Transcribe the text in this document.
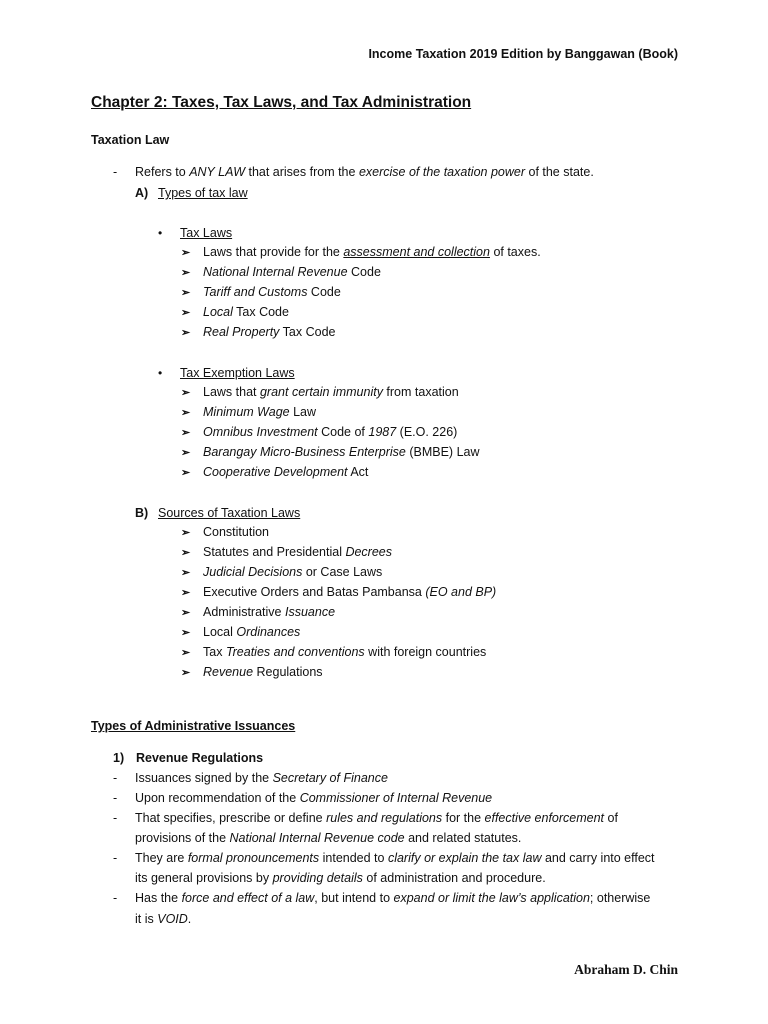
Income Taxation 2019 Edition by Banggawan (Book)
Chapter 2: Taxes, Tax Laws, and Tax Administration
Taxation Law
-	Refers to ANY LAW that arises from the exercise of the taxation power of the state.
A) Types of tax law
• Tax Laws
➢ Laws that provide for the assessment and collection of taxes.
➢ National Internal Revenue Code
➢ Tariff and Customs Code
➢ Local Tax Code
➢ Real Property Tax Code
• Tax Exemption Laws
➢ Laws that grant certain immunity from taxation
➢ Minimum Wage Law
➢ Omnibus Investment Code of 1987 (E.O. 226)
➢ Barangay Micro-Business Enterprise (BMBE) Law
➢ Cooperative Development Act
B) Sources of Taxation Laws
➢ Constitution
➢ Statutes and Presidential Decrees
➢ Judicial Decisions or Case Laws
➢ Executive Orders and Batas Pambansa (EO and BP)
➢ Administrative Issuance
➢ Local Ordinances
➢ Tax Treaties and conventions with foreign countries
➢ Revenue Regulations
Types of Administrative Issuances
1) Revenue Regulations
-	Issuances signed by the Secretary of Finance
-	Upon recommendation of the Commissioner of Internal Revenue
-	That specifies, prescribe or define rules and regulations for the effective enforcement of
provisions of the National Internal Revenue code and related statutes.
-	They are formal pronouncements intended to clarify or explain the tax law and carry into effect
its general provisions by providing details of administration and procedure.
-	Has the force and effect of a law, but intend to expand or limit the law’s application; otherwise
it is VOID.
Abraham D. Chin
